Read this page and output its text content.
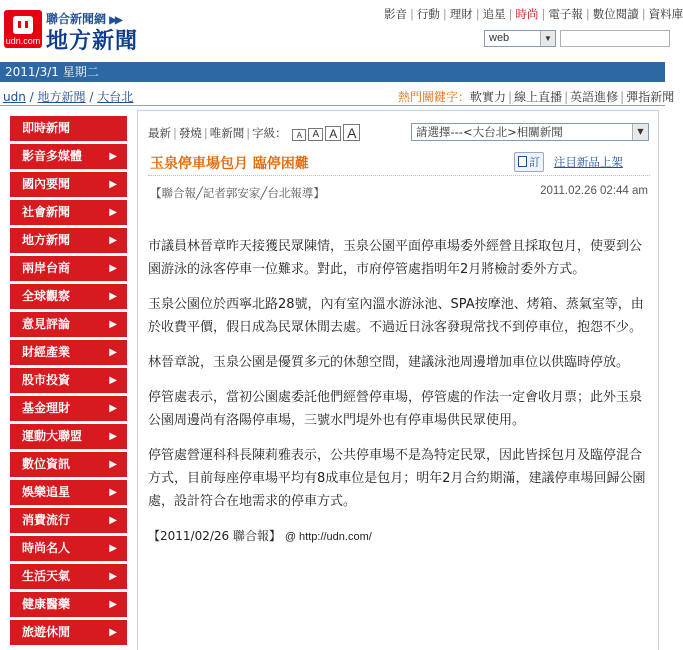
udn.com
聯合新聞網 ▶▶
地方新聞
影音 | 行動 | 理財 | 追星 | 時尚 | 電子報 | 數位閱讀 | 資料庫
web	▼
2011/3/1 星期二
udn / 地方新聞 / 大台北	熱門關鍵字：軟實力 | 線上直播 | 英語進修 | 彈指新聞
即時新聞
影音多媒體	▶
國內要聞	▶
社會新聞	▶
地方新聞	▶
兩岸台商	▶
全球觀察	▶
意見評論	▶
財經產業	▶
股市投資	▶
基金理財	▶
運動大聯盟	▶
數位資訊	▶
娛樂追星	▶
消費流行	▶
時尚名人	▶
生活天氣	▶
健康醫藥	▶
旅遊休閒	▶
最新 | 發燒 | 唯新聞 | 字級： A A A A	請選擇---<大台北>相關新聞	▼
玉泉停車場包月 臨停困難	訂 注目新品上架
【聯合報╱記者郭安家╱台北報導】	2011.02.26 02:44 am

市議員林晉章昨天接獲民眾陳情，玉泉公園平面停車場委外經營且採取包月，使要到公園游泳的泳客停車一位難求。對此，市府停管處指明年2月將檢討委外方式。

玉泉公園位於西寧北路28號，內有室內溫水游泳池、SPA按摩池、烤箱、蒸氣室等，由於收費平價，假日成為民眾休閒去處。不過近日泳客發現常找不到停車位，抱怨不少。

林晉章說，玉泉公園是優質多元的休憩空間，建議泳池周邊增加車位以供臨時停放。

停管處表示，當初公園處委託他們經營停車場，停管處的作法一定會收月票；此外玉泉公園周邊尚有洛陽停車場，三號水門堤外也有停車場供民眾使用。

停管處營運科科長陳莉雅表示，公共停車場不是為特定民眾，因此皆採包月及臨停混合方式，目前每座停車場平均有8成車位是包月；明年2月合約期滿，建議停車場回歸公園處，設計符合在地需求的停車方式。

【2011/02/26 聯合報】 @ http://udn.com/
